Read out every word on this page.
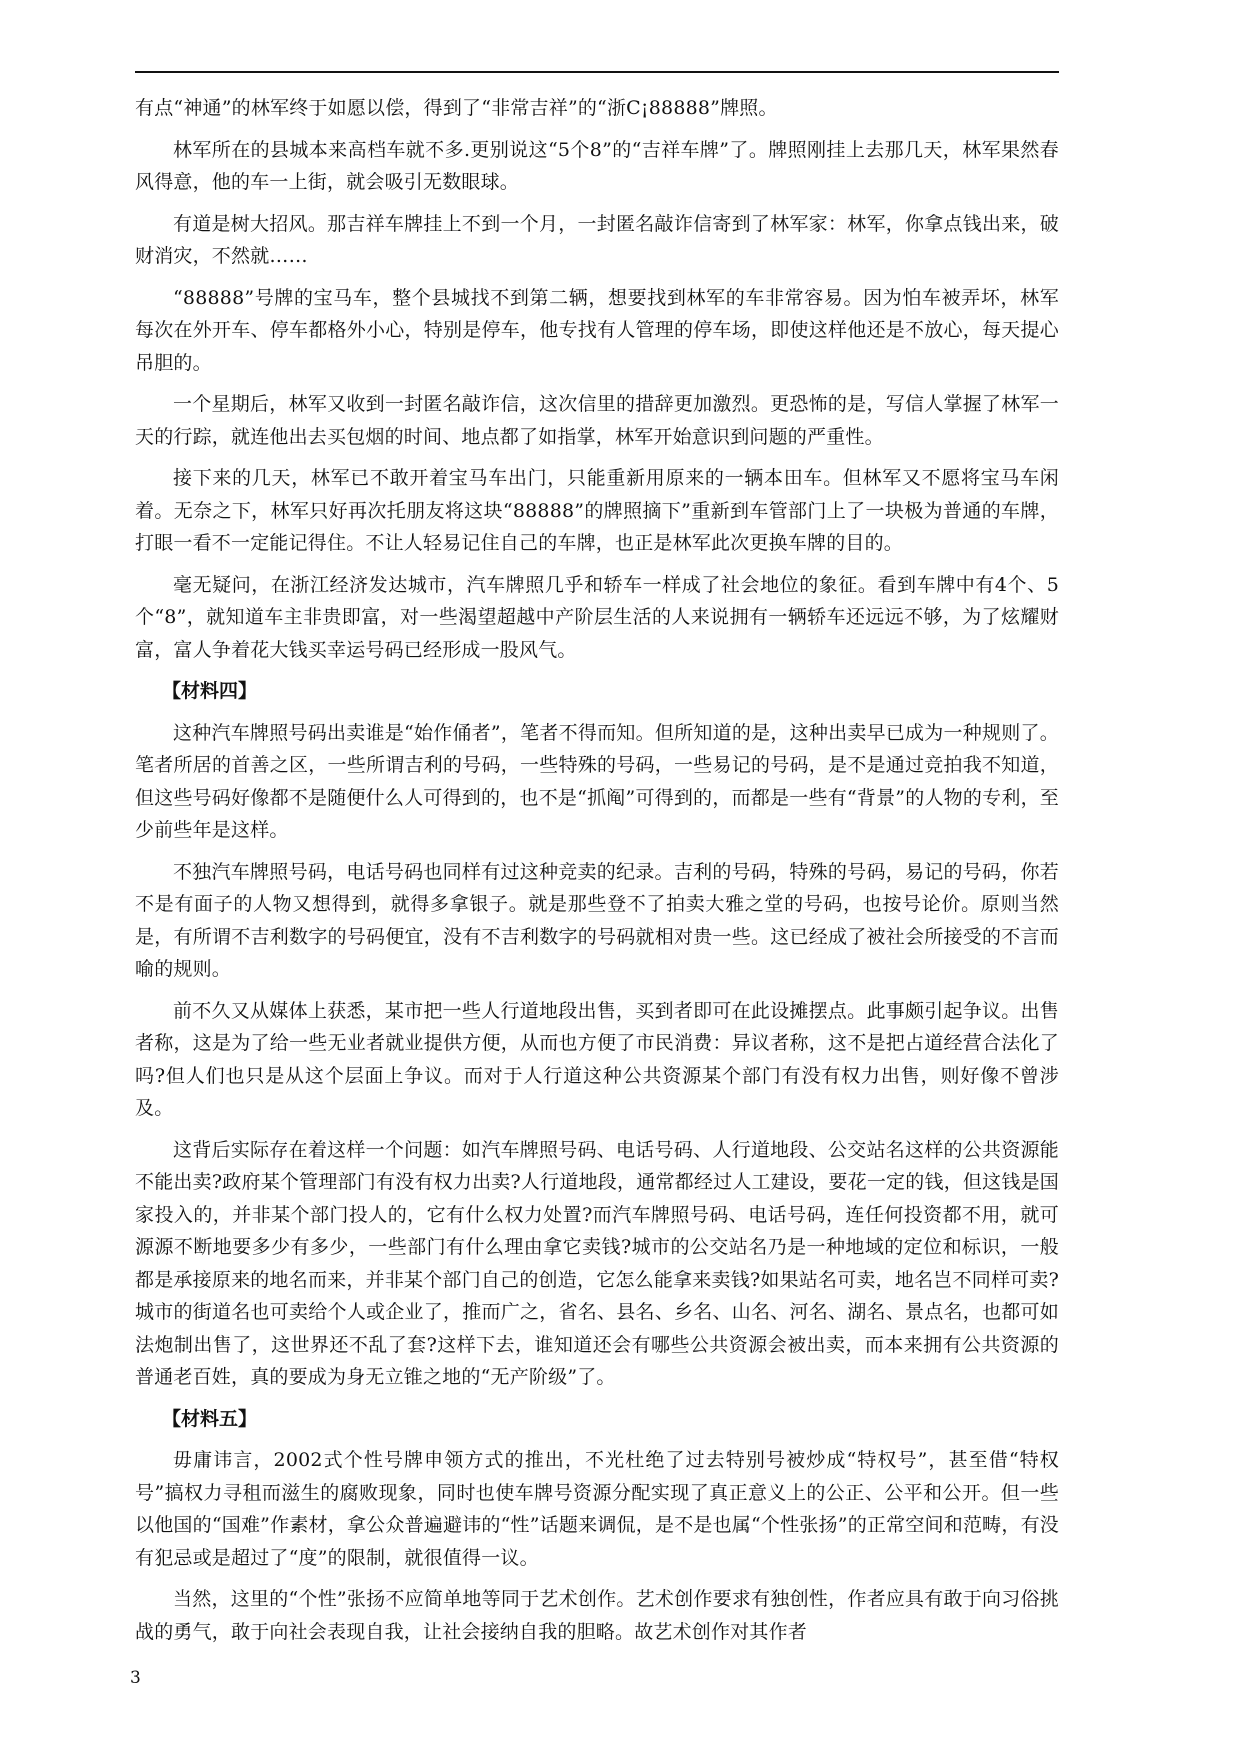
有点“神通”的林军终于如愿以偿，得到了“非常吉祥”的“浙C¡88888”牌照。

林军所在的县城本来高档车就不多.更别说这“5个8”的“吉祥车牌”了。牌照刚挂上去那几天，林军果然春风得意，他的车一上街，就会吸引无数眼球。

有道是树大招风。那吉祥车牌挂上不到一个月，一封匿名敲诈信寄到了林军家：林军，你拿点钱出来，破财消灾，不然就……

“88888”号牌的宝马车，整个县城找不到第二辆，想要找到林军的车非常容易。因为怕车被弄坏，林军每次在外开车、停车都格外小心，特别是停车，他专找有人管理的停车场，即使这样他还是不放心，每天提心吊胆的。

一个星期后，林军又收到一封匿名敲诈信，这次信里的措辞更加激烈。更恐怖的是，写信人掌握了林军一天的行踪，就连他出去买包烟的时间、地点都了如指掌，林军开始意识到问题的严重性。

接下来的几天，林军已不敢开着宝马车出门，只能重新用原来的一辆本田车。但林军又不愿将宝马车闲着。无奈之下，林军只好再次托朋友将这块“88888”的牌照摘下”重新到车管部门上了一块极为普通的车牌，打眼一看不一定能记得住。不让人轻易记住自己的车牌，也正是林军此次更换车牌的目的。

毫无疑问，在浙江经济发达城市，汽车牌照几乎和轿车一样成了社会地位的象征。看到车牌中有4个、5个“8”，就知道车主非贵即富，对一些渴望超越中产阶层生活的人来说拥有一辆轿车还远远不够，为了炫耀财富，富人争着花大钱买幸运号码已经形成一股风气。

【材料四】

这种汽车牌照号码出卖谁是“始作俑者”，笔者不得而知。但所知道的是，这种出卖早已成为一种规则了。笔者所居的首善之区，一些所谓吉利的号码，一些特殊的号码，一些易记的号码，是不是通过竞拍我不知道，但这些号码好像都不是随便什么人可得到的，也不是“抓阄”可得到的，而都是一些有“背景”的人物的专利，至少前些年是这样。

不独汽车牌照号码，电话号码也同样有过这种竞卖的纪录。吉利的号码，特殊的号码，易记的号码，你若不是有面子的人物又想得到，就得多拿银子。就是那些登不了拍卖大雅之堂的号码，也按号论价。原则当然是，有所谓不吉利数字的号码便宜，没有不吉利数字的号码就相对贵一些。这已经成了被社会所接受的不言而喻的规则。

前不久又从媒体上获悉，某市把一些人行道地段出售，买到者即可在此设摊摆点。此事颇引起争议。出售者称，这是为了给一些无业者就业提供方便，从而也方便了市民消费：异议者称，这不是把占道经营合法化了吗?但人们也只是从这个层面上争议。而对于人行道这种公共资源某个部门有没有权力出售，则好像不曾涉及。

这背后实际存在着这样一个问题：如汽车牌照号码、电话号码、人行道地段、公交站名这样的公共资源能不能出卖?政府某个管理部门有没有权力出卖?人行道地段，通常都经过人工建设，要花一定的钱，但这钱是国家投入的，并非某个部门投人的，它有什么权力处置?而汽车牌照号码、电话号码，连任何投资都不用，就可源源不断地要多少有多少，一些部门有什么理由拿它卖钱?城市的公交站名乃是一种地域的定位和标识，一般都是承接原来的地名而来，并非某个部门自己的创造，它怎么能拿来卖钱?如果站名可卖，地名岂不同样可卖?城市的街道名也可卖给个人或企业了，推而广之，省名、县名、乡名、山名、河名、湖名、景点名，也都可如法炮制出售了，这世界还不乱了套?这样下去，谁知道还会有哪些公共资源会被出卖，而本来拥有公共资源的普通老百姓，真的要成为身无立锥之地的“无产阶级”了。

【材料五】

毋庸讳言，2002式个性号牌申领方式的推出，不光杜绝了过去特别号被炒成“特权号”，甚至借“特权号”搞权力寻租而滋生的腐败现象，同时也使车牌号资源分配实现了真正意义上的公正、公平和公开。但一些以他国的“国难”作素材，拿公众普遍避讳的“性”话题来调侃，是不是也属“个性张扬”的正常空间和范畴，有没有犯忌或是超过了“度”的限制，就很值得一议。

当然，这里的“个性”张扬不应简单地等同于艺术创作。艺术创作要求有独创性，作者应具有敢于向习俗挑战的勇气，敢于向社会表现自我，让社会接纳自我的胆略。故艺术创作对其作者

3
